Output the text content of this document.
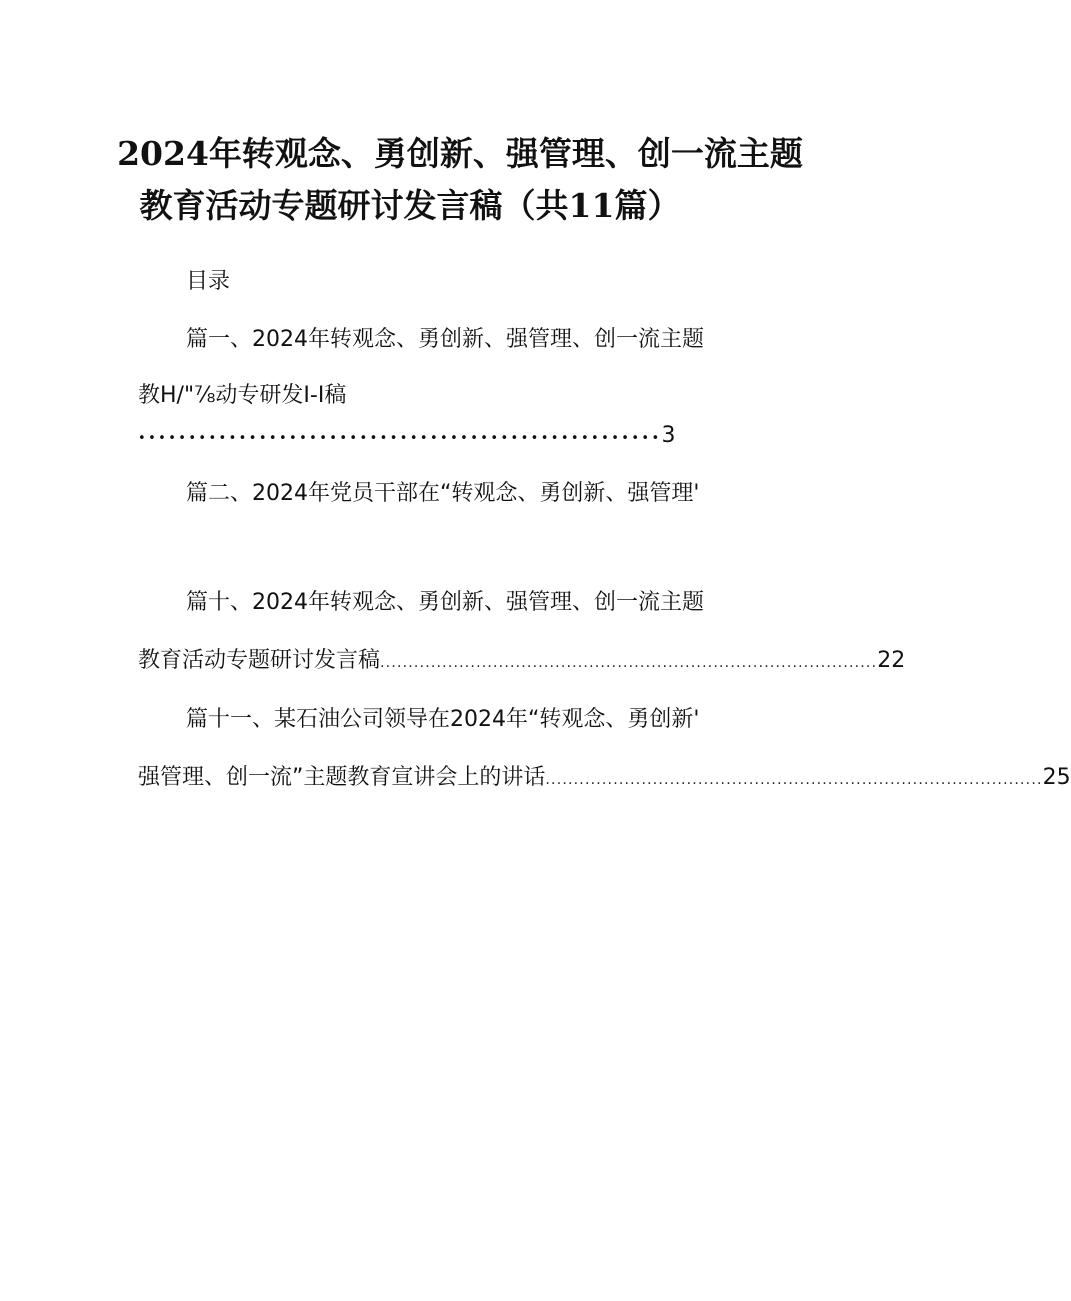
2024年转观念、勇创新、强管理、创一流主题
教育活动专题研讨发言稿（共11篇）
目录
篇一、2024年转观念、勇创新、强管理、创一流主题
教H/"⅞动专研发I-I稿
•••••••••••••••••••••••••••••••••••••••••••••••••••• 3
篇二、2024年党员干部在“转观念、勇创新、强管理'
篇十、2024年转观念、勇创新、强管理、创一流主题
教育活动专题研讨发言稿 ........................................................................................ 22
篇十一、某石油公司领导在2024年“转观念、勇创新'
强管理、创一流”主题教育宣讲会上的讲话 ........................................................................................ 25
